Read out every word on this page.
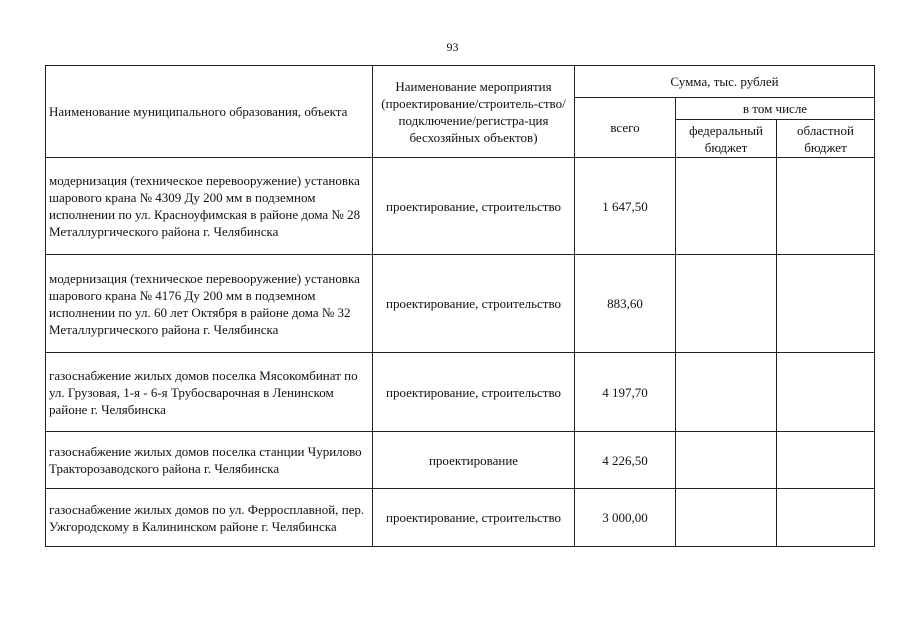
93
Наименование муниципального образования, объекта	Наименование мероприятия (проектирование/строитель-ство/подключение/регистра-ция бесхозяйных объектов)	Сумма, тыс. рублей		
		всего	в том числе	
			федеральный бюджет	областной бюджет
модернизация (техническое перевооружение) установка шарового крана № 4309 Ду 200 мм в подземном исполнении по ул. Красноуфимская в районе дома № 28 Металлургического района г. Челябинска	проектирование, строительство	1 647,50		
модернизация (техническое перевооружение) установка шарового крана № 4176 Ду 200 мм в подземном исполнении по ул. 60 лет Октября в районе дома № 32 Металлургического района г. Челябинска	проектирование, строительство	883,60		
газоснабжение жилых домов поселка Мясокомбинат по ул. Грузовая, 1-я - 6-я Трубосварочная в Ленинском районе г. Челябинска	проектирование, строительство	4 197,70		
газоснабжение жилых домов поселка станции Чурилово Тракторозаводского района г. Челябинска	проектирование	4 226,50		
газоснабжение жилых домов по ул. Ферросплавной, пер. Ужгородскому в Калининском районе г. Челябинска	проектирование, строительство	3 000,00		
